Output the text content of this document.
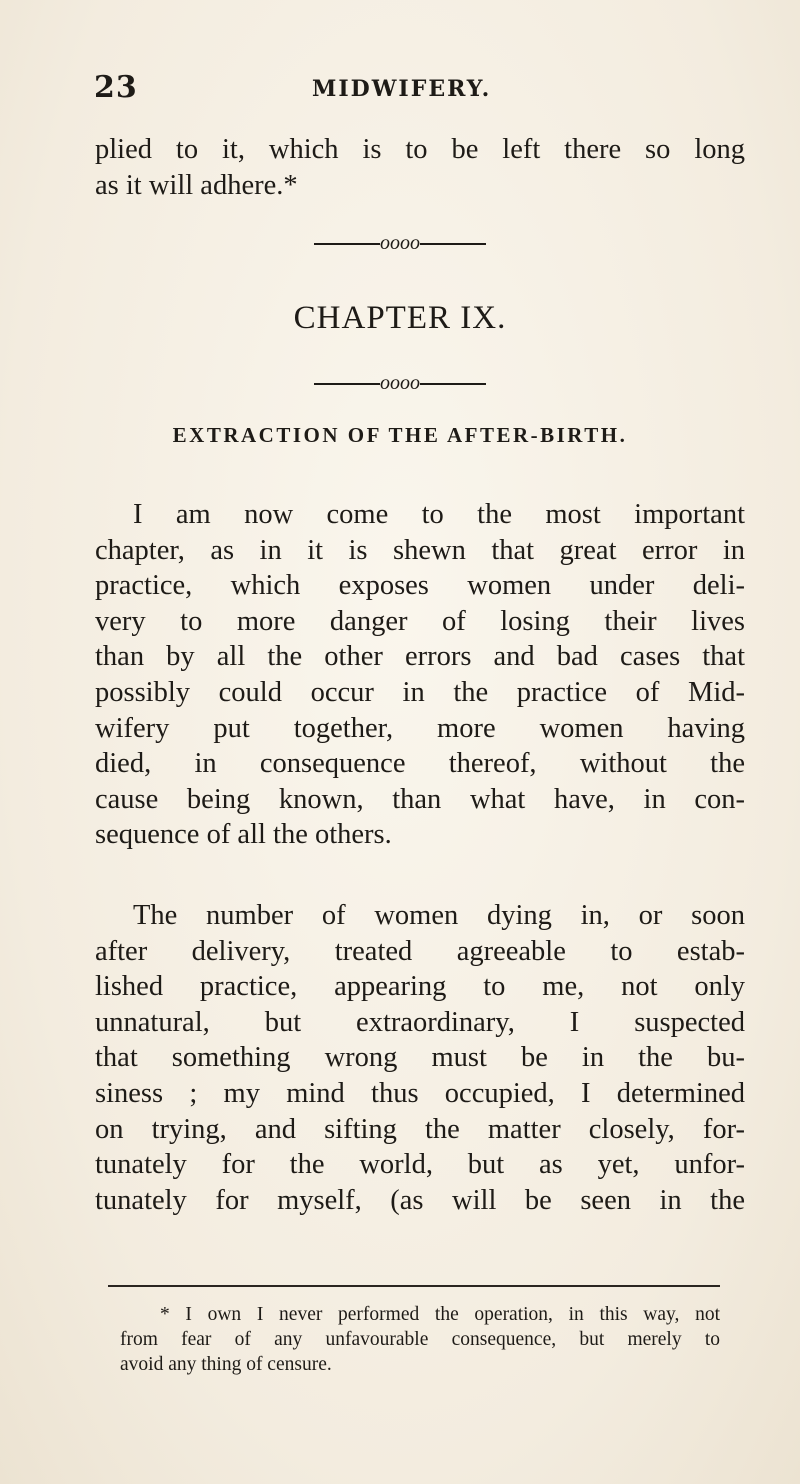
23	MIDWIFERY.
plied to it, which is to be left there so long
as it will adhere.*
oooo
CHAPTER IX.
oooo
EXTRACTION OF THE AFTER-BIRTH.
I am now come to the most important
chapter, as in it is shewn that great error in
practice, which exposes women under deli-
very to more danger of losing their lives
than by all the other errors and bad cases that
possibly could occur in the practice of Mid-
wifery put together, more women having
died, in consequence thereof, without the
cause being known, than what have, in con-
sequence of all the others.
The number of women dying in, or soon
after delivery, treated agreeable to estab-
lished practice, appearing to me, not only
unnatural, but extraordinary, I suspected
that something wrong must be in the bu-
siness ; my mind thus occupied, I determined
on trying, and sifting the matter closely, for-
tunately for the world, but as yet, unfor-
tunately for myself, (as will be seen in the
* I own I never performed the operation, in this way, not
from fear of any unfavourable consequence, but merely to
avoid any thing of censure.
